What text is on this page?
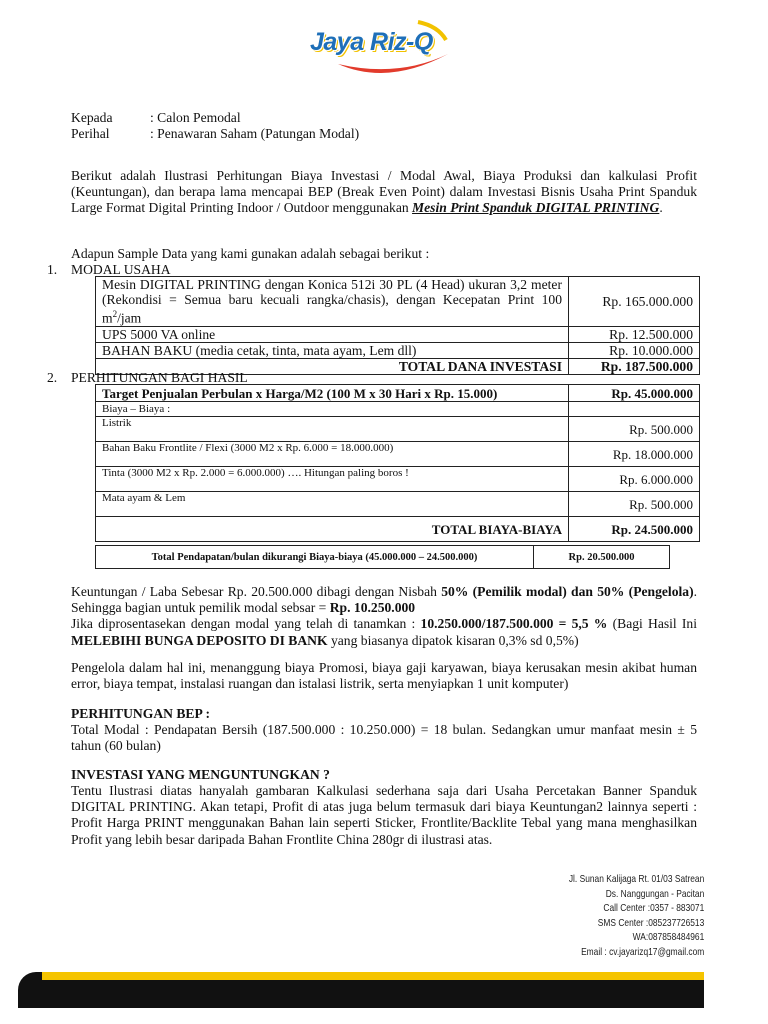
Jaya Riz-Q
Kepada	: Calon Pemodal
Perihal	: Penawaran Saham (Patungan Modal)
Berikut adalah Ilustrasi Perhitungan Biaya Investasi / Modal Awal, Biaya Produksi dan kalkulasi Profit (Keuntungan), dan berapa lama mencapai BEP (Break Even Point) dalam Investasi Bisnis Usaha Print Spanduk Large Format Digital Printing Indoor / Outdoor menggunakan Mesin Print Spanduk DIGITAL PRINTING.
Adapun Sample Data yang kami gunakan adalah sebagai berikut :
1. MODAL USAHA
Mesin DIGITAL PRINTING dengan Konica 512i 30 PL (4 Head) ukuran 3,2 meter (Rekondisi = Semua baru kecuali rangka/chasis), dengan Kecepatan Print 100 $m^2$/jam	Rp. 165.000.000
UPS 5000 VA online	Rp. 12.500.000
BAHAN BAKU (media cetak, tinta, mata ayam, Lem dll)	Rp. 10.000.000
TOTAL DANA INVESTASI	Rp. 187.500.000
2. PERHITUNGAN BAGI HASIL
Target Penjualan Perbulan x Harga/M2 (100 M x 30 Hari x Rp. 15.000)	Rp. 45.000.000
Biaya – Biaya :	
Listrik	Rp. 500.000
Bahan Baku Frontlite / Flexi (3000 M2 x Rp. 6.000 = 18.000.000)	Rp. 18.000.000
Tinta (3000 M2 x Rp. 2.000 = 6.000.000) …. Hitungan paling boros !	Rp. 6.000.000
Mata ayam & Lem	Rp. 500.000
TOTAL BIAYA-BIAYA	Rp. 24.500.000
Total Pendapatan/bulan dikurangi Biaya-biaya (45.000.000 – 24.500.000)	Rp. 20.500.000
Keuntungan / Laba Sebesar Rp. 20.500.000 dibagi dengan Nisbah 50% (Pemilik modal) dan 50% (Pengelola). Sehingga bagian untuk pemilik modal sebsar = Rp. 10.250.000
Jika diprosentasekan dengan modal yang telah di tanamkan : 10.250.000/187.500.000 = 5,5 % (Bagi Hasil Ini MELEBIHI BUNGA DEPOSITO DI BANK yang biasanya dipatok kisaran 0,3% sd 0,5%)
Pengelola dalam hal ini, menanggung biaya Promosi, biaya gaji karyawan, biaya kerusakan mesin akibat human error, biaya tempat, instalasi ruangan dan istalasi listrik, serta menyiapkan 1 unit komputer)
PERHITUNGAN BEP :
Total Modal : Pendapatan Bersih (187.500.000 : 10.250.000) = 18 bulan. Sedangkan umur manfaat mesin ± 5 tahun (60 bulan)
INVESTASI YANG MENGUNTUNGKAN ?
Tentu Ilustrasi diatas hanyalah gambaran Kalkulasi sederhana saja dari Usaha Percetakan Banner Spanduk DIGITAL PRINTING. Akan tetapi, Profit di atas juga belum termasuk dari biaya Keuntungan2 lainnya seperti : Profit Harga PRINT menggunakan Bahan lain seperti Sticker, Frontlite/Backlite Tebal yang mana menghasilkan Profit yang lebih besar daripada Bahan Frontlite China 280gr di ilustrasi atas.
Jl. Sunan Kalijaga Rt. 01/03 Satrean
Ds. Nanggungan - Pacitan
Call Center :0357 - 883071
SMS Center :085237726513
WA:087858484961
Email : cv.jayarizq17@gmail.com
